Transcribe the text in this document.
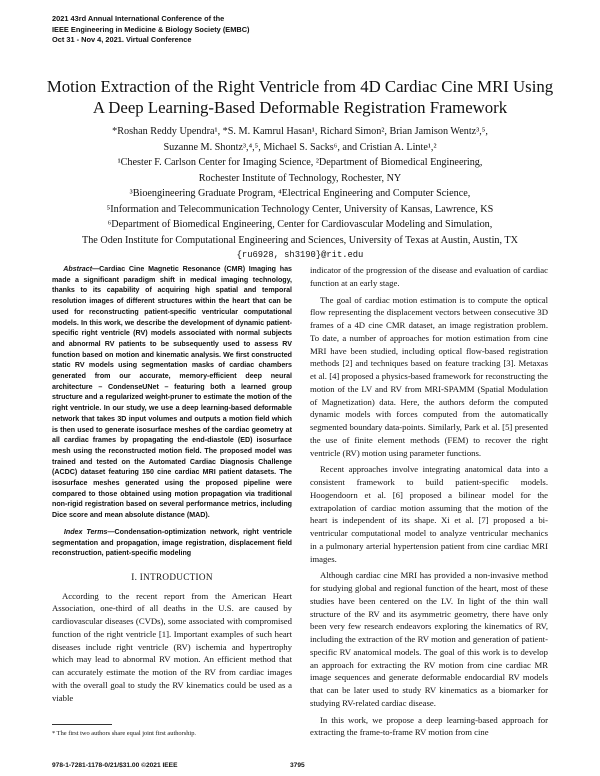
2021 43rd Annual International Conference of the
IEEE Engineering in Medicine & Biology Society (EMBC)
Oct 31 - Nov 4, 2021. Virtual Conference
Motion Extraction of the Right Ventricle from 4D Cardiac Cine MRI Using
A Deep Learning-Based Deformable Registration Framework
*Roshan Reddy Upendra¹, *S. M. Kamrul Hasan¹, Richard Simon², Brian Jamison Wentz³,⁵,
Suzanne M. Shontz³,⁴,⁵, Michael S. Sacks⁶, and Cristian A. Linte¹,²
¹Chester F. Carlson Center for Imaging Science, ²Department of Biomedical Engineering,
Rochester Institute of Technology, Rochester, NY
³Bioengineering Graduate Program, ⁴Electrical Engineering and Computer Science,
⁵Information and Telecommunication Technology Center, University of Kansas, Lawrence, KS
⁶Department of Biomedical Engineering, Center for Cardiovascular Modeling and Simulation,
The Oden Institute for Computational Engineering and Sciences, University of Texas at Austin, Austin, TX
{ru6928, sh3190}@rit.edu

Abstract—Cardiac Cine Magnetic Resonance (CMR) Imaging has made a significant paradigm shift in medical imaging technology, thanks to its capability of acquiring high spatial and temporal resolution images of different structures within the heart that can be used for reconstructing patient-specific ventricular computational models. In this work, we describe the development of dynamic patient-specific right ventricle (RV) models associated with normal subjects and abnormal RV patients to be subsequently used to assess RV function based on motion and kinematic analysis. We first constructed static RV models using segmentation masks of cardiac chambers generated from our accurate, memory-efficient deep neural architecture – CondenseUNet – featuring both a learned group structure and a regularized weight-pruner to estimate the motion of the right ventricle. In our study, we use a deep learning-based deformable network that takes 3D input volumes and outputs a motion field which is then used to generate isosurface meshes of the cardiac geometry at all cardiac frames by propagating the end-diastole (ED) isosurface mesh using the reconstructed motion field. The proposed model was trained and tested on the Automated Cardiac Diagnosis Challenge (ACDC) dataset featuring 150 cine cardiac MRI patient datasets. The isosurface meshes generated using the proposed pipeline were compared to those obtained using motion propagation via traditional non-rigid registration based on several performance metrics, including Dice score and mean absolute distance (MAD).

Index Terms—Condensation-optimization network, right ventricle segmentation and propagation, image registration, displacement field reconstruction, patient-specific modeling

I. INTRODUCTION

According to the recent report from the American Heart Association, one-third of all deaths in the U.S. are caused by cardiovascular diseases (CVDs), some associated with compromised function of the right ventricle [1]. Important examples of such heart diseases include right ventricle (RV) ischemia and hypertrophy which may lead to abnormal RV motion. An efficient method that can accurately estimate the motion of the RV from cardiac images with the overall goal to study the RV kinematics could be used as a viable

indicator of the progression of the disease and evaluation of cardiac function at an early stage.

The goal of cardiac motion estimation is to compute the optical flow representing the displacement vectors between consecutive 3D frames of a 4D cine CMR dataset, an image registration problem. To date, a number of approaches for motion estimation from cine MRI have been studied, including optical flow-based registration methods [2] and techniques based on feature tracking [3]. Metaxas et al. [4] proposed a physics-based framework for reconstructing the motion of the LV and RV from MRI-SPAMM (Spatial Modulation of Magnetization) data. Here, the authors deform the computed dynamic models with forces computed from the automatically segmented boundary data-points. Similarly, Park et al. [5] presented the use of finite element methods (FEM) to recover the right ventricle (RV) motion using parameter functions.

Recent approaches involve integrating anatomical data into a consistent framework to build patient-specific models. Hoogendoorn et al. [6] proposed a bilinear model for the extrapolation of cardiac motion assuming that the motion of the heart is independent of its shape. Xi et al. [7] proposed a bi-ventricular computational model to analyze ventricular mechanics in a pulmonary arterial hypertension patient from cine cardiac MRI images.

Although cardiac cine MRI has provided a non-invasive method for studying global and regional function of the heart, most of these studies have been centered on the LV. In light of the thin wall structure of the RV and its asymmetric geometry, there have only been very few research endeavors exploring the kinematics of RV, including the extraction of the RV motion and generation of patient-specific RV anatomical models. The goal of this work is to develop an approach for extracting the RV motion from cine cardiac MR image sequences and generate deformable endocardial RV models that can be later used to study RV kinematics as a biomarker for studying RV-related cardiac disease.

In this work, we propose a deep learning-based approach for extracting the frame-to-frame RV motion from cine

* The first two authors share equal joint first authorship.
978-1-7281-1178-0/21/$31.00 ©2021 IEEE	3795
